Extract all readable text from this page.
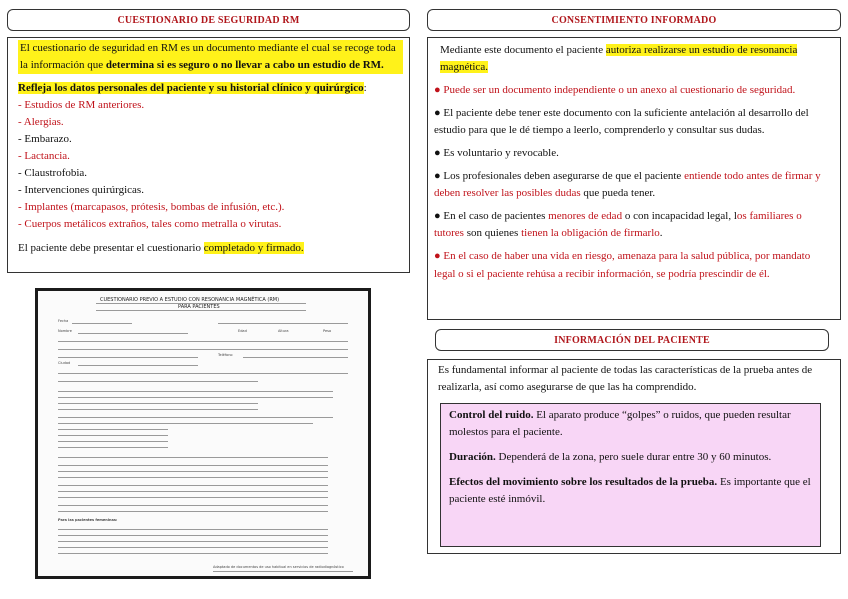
CUESTIONARIO DE SEGURIDAD RM
El cuestionario de seguridad en RM es un documento mediante el cual se recoge toda la información que determina si es seguro o no llevar a cabo un estudio de RM.

Refleja los datos personales del paciente y su historial clínico y quirúrgico:

- Estudios de RM anteriores.
- Alergias.
- Embarazo.
- Lactancia.
- Claustrofobia.
- Intervenciones quirúrgicas.
- Implantes (marcapasos, prótesis, bombas de infusión, etc.).
- Cuerpos metálicos extraños, tales como metralla o virutas.

El paciente debe presentar el cuestionario completado y firmado.

CUESTIONARIO PREVIO A ESTUDIO CON RESONANCIA MAGNÉTICA (RM)
PARA PACIENTES
Fecha
Nombre	Edad	Altura	Peso
Teléfono
Ciudad
Para las pacientes femeninas:
Adaptado de documentos de uso habitual en servicios de radiodiagnóstico
CONSENTIMIENTO INFORMADO

Mediante este documento el paciente autoriza realizarse un estudio de resonancia magnética.

● Puede ser un documento independiente o un anexo al cuestionario de seguridad.

● El paciente debe tener este documento con la suficiente antelación al desarrollo del estudio para que le dé tiempo a leerlo, comprenderlo y consultar sus dudas.

● Es voluntario y revocable.

● Los profesionales deben asegurarse de que el paciente entiende todo antes de firmar y deben resolver las posibles dudas que pueda tener.

● En el caso de pacientes menores de edad o con incapacidad legal, los familiares o tutores son quienes tienen la obligación de firmarlo.

● En el caso de haber una vida en riesgo, amenaza para la salud pública, por mandato legal o si el paciente rehúsa a recibir información, se podría prescindir de él.

INFORMACIÓN DEL PACIENTE

Es fundamental informar al paciente de todas las características de la prueba antes de realizarla, así como asegurarse de que las ha comprendido.

Control del ruido. El aparato produce “golpes” o ruidos, que pueden resultar molestos para el paciente.

Duración. Dependerá de la zona, pero suele durar entre 30 y 60 minutos.

Efectos del movimiento sobre los resultados de la prueba. Es importante que el paciente esté inmóvil.
